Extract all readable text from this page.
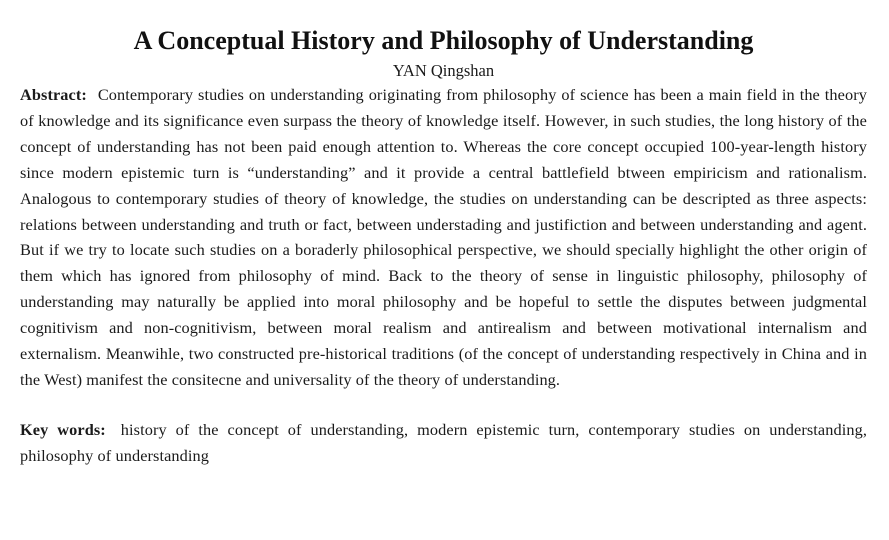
A Conceptual History and Philosophy of Understanding
YAN Qingshan

Abstract: Contemporary studies on understanding originating from philosophy of science has been a main field in the theory of knowledge and its significance even surpass the theory of knowledge itself. However, in such studies, the long history of the concept of understanding has not been paid enough attention to. Whereas the core concept occupied 100-year-length history since modern epistemic turn is “understanding” and it provide a central battlefield btween empiricism and rationalism. Analogous to contemporary studies of theory of knowledge, the studies on understanding can be descripted as three aspects: relations between understanding and truth or fact, between understading and justifiction and between understanding and agent. But if we try to locate such studies on a boraderly philosophical perspective, we should specially highlight the other origin of them which has ignored from philosophy of mind. Back to the theory of sense in linguistic philosophy, philosophy of understanding may naturally be applied into moral philosophy and be hopeful to settle the disputes between judgmental cognitivism and non-cognitivism, between moral realism and antirealism and between motivational internalism and externalism. Meanwihle, two constructed pre-historical traditions (of the concept of understanding respectively in China and in the West) manifest the consitecne and universality of the theory of understanding.

Key words: history of the concept of understanding, modern epistemic turn, contemporary studies on understanding, philosophy of understanding
